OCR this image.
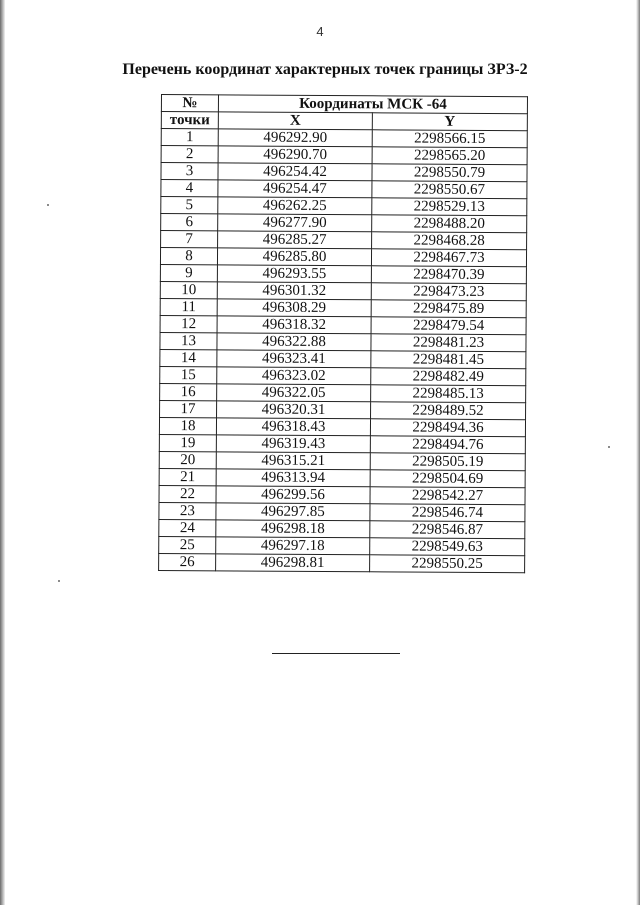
4
Перечень координат характерных точек границы ЗРЗ-2
№	Координаты МСК -64	
точки	X	Y
1	496292.90	2298566.15
2	496290.70	2298565.20
3	496254.42	2298550.79
4	496254.47	2298550.67
5	496262.25	2298529.13
6	496277.90	2298488.20
7	496285.27	2298468.28
8	496285.80	2298467.73
9	496293.55	2298470.39
10	496301.32	2298473.23
11	496308.29	2298475.89
12	496318.32	2298479.54
13	496322.88	2298481.23
14	496323.41	2298481.45
15	496323.02	2298482.49
16	496322.05	2298485.13
17	496320.31	2298489.52
18	496318.43	2298494.36
19	496319.43	2298494.76
20	496315.21	2298505.19
21	496313.94	2298504.69
22	496299.56	2298542.27
23	496297.85	2298546.74
24	496298.18	2298546.87
25	496297.18	2298549.63
26	496298.81	2298550.25
